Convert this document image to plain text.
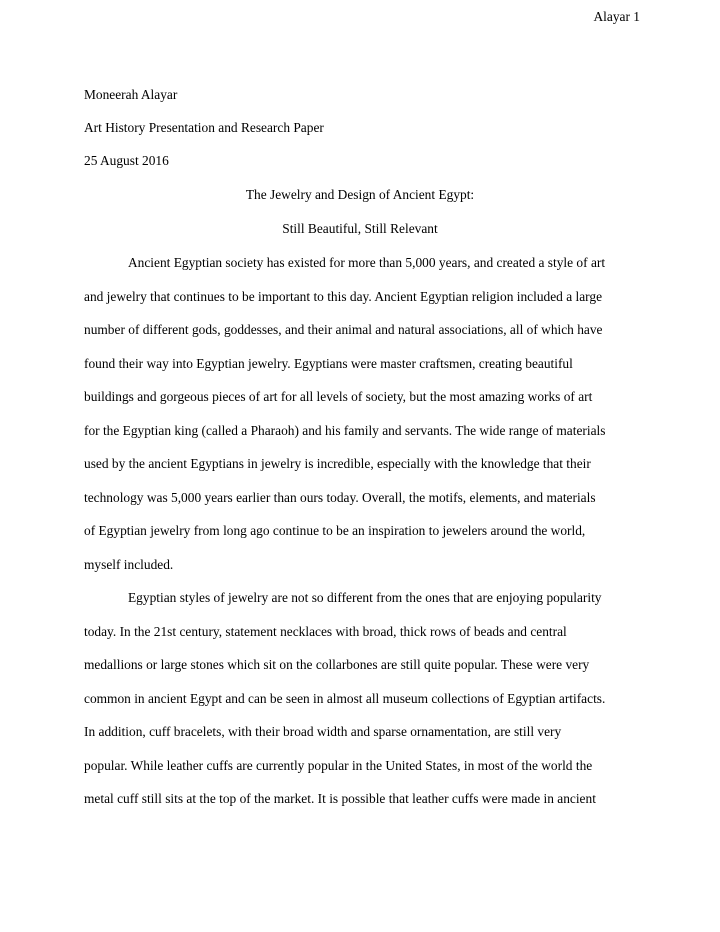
Alayar 1
Moneerah Alayar
Art History Presentation and Research Paper
25 August 2016
The Jewelry and Design of Ancient Egypt:
Still Beautiful, Still Relevant
Ancient Egyptian society has existed for more than 5,000 years, and created a style of art
and jewelry that continues to be important to this day. Ancient Egyptian religion included a large
number of different gods, goddesses, and their animal and natural associations, all of which have
found their way into Egyptian jewelry. Egyptians were master craftsmen, creating beautiful
buildings and gorgeous pieces of art for all levels of society, but the most amazing works of art
for the Egyptian king (called a Pharaoh) and his family and servants. The wide range of materials
used by the ancient Egyptians in jewelry is incredible, especially with the knowledge that their
technology was 5,000 years earlier than ours today. Overall, the motifs, elements, and materials
of Egyptian jewelry from long ago continue to be an inspiration to jewelers around the world,
myself included.
Egyptian styles of jewelry are not so different from the ones that are enjoying popularity
today. In the 21st century, statement necklaces with broad, thick rows of beads and central
medallions or large stones which sit on the collarbones are still quite popular. These were very
common in ancient Egypt and can be seen in almost all museum collections of Egyptian artifacts.
In addition, cuff bracelets, with their broad width and sparse ornamentation, are still very
popular. While leather cuffs are currently popular in the United States, in most of the world the
metal cuff still sits at the top of the market. It is possible that leather cuffs were made in ancient
